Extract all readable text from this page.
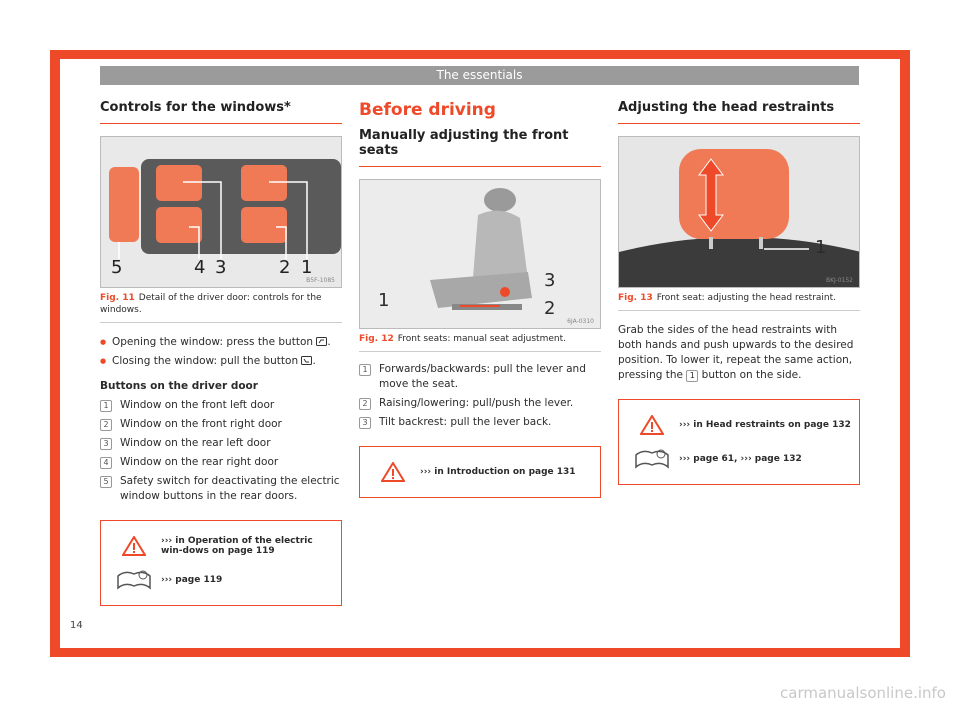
The essentials
Controls for the windows*
5	4 3	2 1
B5F-1085
Fig. 11 Detail of the driver door: controls for the windows.
● Opening the window: press the button .
● Closing the window: pull the button .
Buttons on the driver door
1	Window on the front left door
2	Window on the front right door
3	Window on the rear left door
4	Window on the rear right door
5	Safety switch for deactivating the electric window buttons in the rear doors.
››› in Operation of the electric win-dows on page 119
››› page 119
Before driving
Manually adjusting the front seats
1	2
3
6JA-0310
Fig. 12 Front seats: manual seat adjustment.
1	Forwards/backwards: pull the lever and move the seat.
2	Raising/lowering: pull/push the lever.
3	Tilt backrest: pull the lever back.
››› in Introduction on page 131
Adjusting the head restraints
1
BKJ-0152
Fig. 13 Front seat: adjusting the head restraint.
Grab the sides of the head restraints with both hands and push upwards to the desired position. To lower it, repeat the same action, pressing the 1 button on the side.
››› in Head restraints on page 132
››› page 61, ››› page 132
14
carmanualsonline.info
